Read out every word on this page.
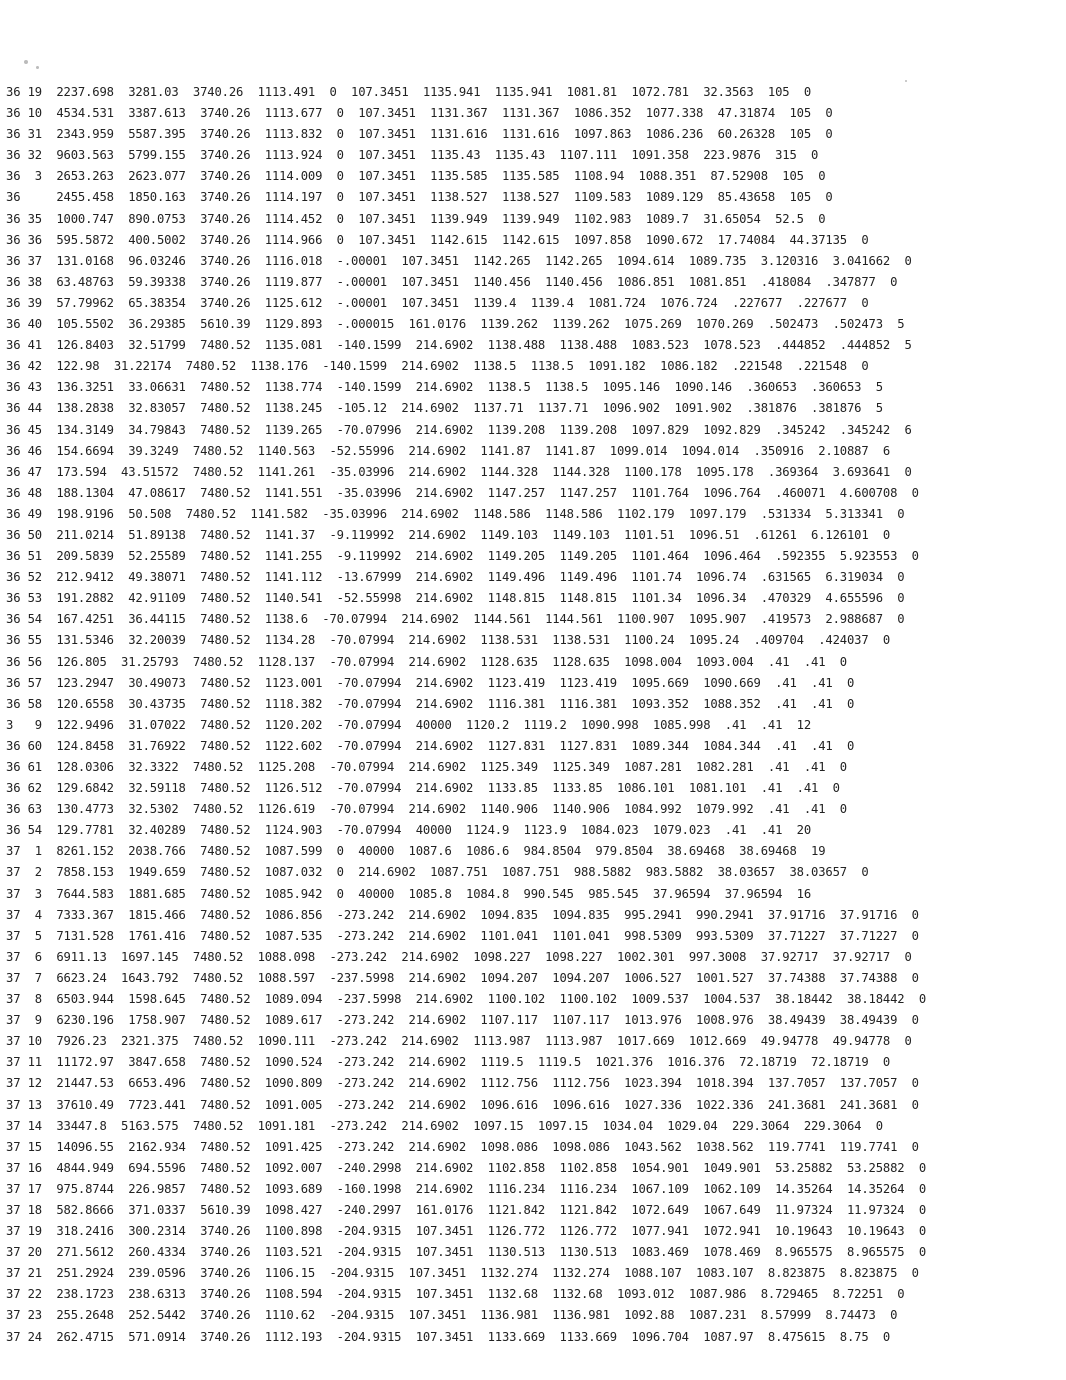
36 19  2237.698  3281.03  3740.26  1113.491  0  107.3451  1135.941  1135.941  1081.81  1072.781  32.3563  105  0
36 10  4534.531  3387.613  3740.26  1113.677  0  107.3451  1131.367  1131.367  1086.352  1077.338  47.31874  105  0
36 31  2343.959  5587.395  3740.26  1113.832  0  107.3451  1131.616  1131.616  1097.863  1086.236  60.26328  105  0
36 32  9603.563  5799.155  3740.26  1113.924  0  107.3451  1135.43  1135.43  1107.111  1091.358  223.9876  315  0
36  3  2653.263  2623.077  3740.26  1114.009  0  107.3451  1135.585  1135.585  1108.94  1088.351  87.52908  105  0
36     2455.458  1850.163  3740.26  1114.197  0  107.3451  1138.527  1138.527  1109.583  1089.129  85.43658  105  0
36 35  1000.747  890.0753  3740.26  1114.452  0  107.3451  1139.949  1139.949  1102.983  1089.7  31.65054  52.5  0
36 36  595.5872  400.5002  3740.26  1114.966  0  107.3451  1142.615  1142.615  1097.858  1090.672  17.74084  44.37135  0
36 37  131.0168  96.03246  3740.26  1116.018  -.00001  107.3451  1142.265  1142.265  1094.614  1089.735  3.120316  3.041662  0
36 38  63.48763  59.39338  3740.26  1119.877  -.00001  107.3451  1140.456  1140.456  1086.851  1081.851  .418084  .347877  0
36 39  57.79962  65.38354  3740.26  1125.612  -.00001  107.3451  1139.4  1139.4  1081.724  1076.724  .227677  .227677  0
36 40  105.5502  36.29385  5610.39  1129.893  -.000015  161.0176  1139.262  1139.262  1075.269  1070.269  .502473  .502473  5
36 41  126.8403  32.51799  7480.52  1135.081  -140.1599  214.6902  1138.488  1138.488  1083.523  1078.523  .444852  .444852  5
36 42  122.98  31.22174  7480.52  1138.176  -140.1599  214.6902  1138.5  1138.5  1091.182  1086.182  .221548  .221548  0
36 43  136.3251  33.06631  7480.52  1138.774  -140.1599  214.6902  1138.5  1138.5  1095.146  1090.146  .360653  .360653  5
36 44  138.2838  32.83057  7480.52  1138.245  -105.12  214.6902  1137.71  1137.71  1096.902  1091.902  .381876  .381876  5
36 45  134.3149  34.79843  7480.52  1139.265  -70.07996  214.6902  1139.208  1139.208  1097.829  1092.829  .345242  .345242  6
36 46  154.6694  39.3249  7480.52  1140.563  -52.55996  214.6902  1141.87  1141.87  1099.014  1094.014  .350916  2.10887  6
36 47  173.594  43.51572  7480.52  1141.261  -35.03996  214.6902  1144.328  1144.328  1100.178  1095.178  .369364  3.693641  0
36 48  188.1304  47.08617  7480.52  1141.551  -35.03996  214.6902  1147.257  1147.257  1101.764  1096.764  .460071  4.600708  0
36 49  198.9196  50.508  7480.52  1141.582  -35.03996  214.6902  1148.586  1148.586  1102.179  1097.179  .531334  5.313341  0
36 50  211.0214  51.89138  7480.52  1141.37  -9.119992  214.6902  1149.103  1149.103  1101.51  1096.51  .61261  6.126101  0
36 51  209.5839  52.25589  7480.52  1141.255  -9.119992  214.6902  1149.205  1149.205  1101.464  1096.464  .592355  5.923553  0
36 52  212.9412  49.38071  7480.52  1141.112  -13.67999  214.6902  1149.496  1149.496  1101.74  1096.74  .631565  6.319034  0
36 53  191.2882  42.91109  7480.52  1140.541  -52.55998  214.6902  1148.815  1148.815  1101.34  1096.34  .470329  4.655596  0
36 54  167.4251  36.44115  7480.52  1138.6  -70.07994  214.6902  1144.561  1144.561  1100.907  1095.907  .419573  2.988687  0
36 55  131.5346  32.20039  7480.52  1134.28  -70.07994  214.6902  1138.531  1138.531  1100.24  1095.24  .409704  .424037  0
36 56  126.805  31.25793  7480.52  1128.137  -70.07994  214.6902  1128.635  1128.635  1098.004  1093.004  .41  .41  0
36 57  123.2947  30.49073  7480.52  1123.001  -70.07994  214.6902  1123.419  1123.419  1095.669  1090.669  .41  .41  0
36 58  120.6558  30.43735  7480.52  1118.382  -70.07994  214.6902  1116.381  1116.381  1093.352  1088.352  .41  .41  0
3   9  122.9496  31.07022  7480.52  1120.202  -70.07994  40000  1120.2  1119.2  1090.998  1085.998  .41  .41  12
36 60  124.8458  31.76922  7480.52  1122.602  -70.07994  214.6902  1127.831  1127.831  1089.344  1084.344  .41  .41  0
36 61  128.0306  32.3322  7480.52  1125.208  -70.07994  214.6902  1125.349  1125.349  1087.281  1082.281  .41  .41  0
36 62  129.6842  32.59118  7480.52  1126.512  -70.07994  214.6902  1133.85  1133.85  1086.101  1081.101  .41  .41  0
36 63  130.4773  32.5302  7480.52  1126.619  -70.07994  214.6902  1140.906  1140.906  1084.992  1079.992  .41  .41  0
36 54  129.7781  32.40289  7480.52  1124.903  -70.07994  40000  1124.9  1123.9  1084.023  1079.023  .41  .41  20
37  1  8261.152  2038.766  7480.52  1087.599  0  40000  1087.6  1086.6  984.8504  979.8504  38.69468  38.69468  19
37  2  7858.153  1949.659  7480.52  1087.032  0  214.6902  1087.751  1087.751  988.5882  983.5882  38.03657  38.03657  0
37  3  7644.583  1881.685  7480.52  1085.942  0  40000  1085.8  1084.8  990.545  985.545  37.96594  37.96594  16
37  4  7333.367  1815.466  7480.52  1086.856  -273.242  214.6902  1094.835  1094.835  995.2941  990.2941  37.91716  37.91716  0
37  5  7131.528  1761.416  7480.52  1087.535  -273.242  214.6902  1101.041  1101.041  998.5309  993.5309  37.71227  37.71227  0
37  6  6911.13  1697.145  7480.52  1088.098  -273.242  214.6902  1098.227  1098.227  1002.301  997.3008  37.92717  37.92717  0
37  7  6623.24  1643.792  7480.52  1088.597  -237.5998  214.6902  1094.207  1094.207  1006.527  1001.527  37.74388  37.74388  0
37  8  6503.944  1598.645  7480.52  1089.094  -237.5998  214.6902  1100.102  1100.102  1009.537  1004.537  38.18442  38.18442  0
37  9  6230.196  1758.907  7480.52  1089.617  -273.242  214.6902  1107.117  1107.117  1013.976  1008.976  38.49439  38.49439  0
37 10  7926.23  2321.375  7480.52  1090.111  -273.242  214.6902  1113.987  1113.987  1017.669  1012.669  49.94778  49.94778  0
37 11  11172.97  3847.658  7480.52  1090.524  -273.242  214.6902  1119.5  1119.5  1021.376  1016.376  72.18719  72.18719  0
37 12  21447.53  6653.496  7480.52  1090.809  -273.242  214.6902  1112.756  1112.756  1023.394  1018.394  137.7057  137.7057  0
37 13  37610.49  7723.441  7480.52  1091.005  -273.242  214.6902  1096.616  1096.616  1027.336  1022.336  241.3681  241.3681  0
37 14  33447.8  5163.575  7480.52  1091.181  -273.242  214.6902  1097.15  1097.15  1034.04  1029.04  229.3064  229.3064  0
37 15  14096.55  2162.934  7480.52  1091.425  -273.242  214.6902  1098.086  1098.086  1043.562  1038.562  119.7741  119.7741  0
37 16  4844.949  694.5596  7480.52  1092.007  -240.2998  214.6902  1102.858  1102.858  1054.901  1049.901  53.25882  53.25882  0
37 17  975.8744  226.9857  7480.52  1093.689  -160.1998  214.6902  1116.234  1116.234  1067.109  1062.109  14.35264  14.35264  0
37 18  582.8666  371.0337  5610.39  1098.427  -240.2997  161.0176  1121.842  1121.842  1072.649  1067.649  11.97324  11.97324  0
37 19  318.2416  300.2314  3740.26  1100.898  -204.9315  107.3451  1126.772  1126.772  1077.941  1072.941  10.19643  10.19643  0
37 20  271.5612  260.4334  3740.26  1103.521  -204.9315  107.3451  1130.513  1130.513  1083.469  1078.469  8.965575  8.965575  0
37 21  251.2924  239.0596  3740.26  1106.15  -204.9315  107.3451  1132.274  1132.274  1088.107  1083.107  8.823875  8.823875  0
37 22  238.1723  238.6313  3740.26  1108.594  -204.9315  107.3451  1132.68  1132.68  1093.012  1087.986  8.729465  8.72251  0
37 23  255.2648  252.5442  3740.26  1110.62  -204.9315  107.3451  1136.981  1136.981  1092.88  1087.231  8.57999  8.74473  0
37 24  262.4715  571.0914  3740.26  1112.193  -204.9315  107.3451  1133.669  1133.669  1096.704  1087.97  8.475615  8.75  0
